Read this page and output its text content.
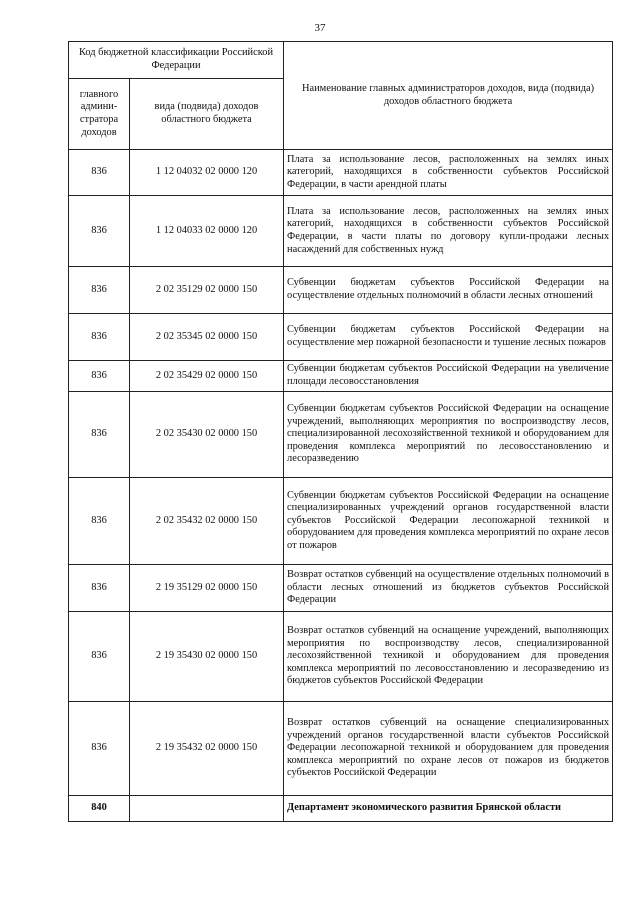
37
Код бюджетной классификации Российской Федерации		Наименование главных администраторов доходов, вида (подвида) доходов областного бюджета
главного админи-стратора доходов	вида (подвида) доходов областного бюджета	
836	1 12 04032 02 0000 120	Плата за использование лесов, расположенных на землях иных категорий, находящихся в собственности субъектов Российской Федерации, в части арендной платы
836	1 12 04033 02 0000 120	Плата за использование лесов, расположенных на землях иных категорий, находящихся в собственности субъектов Российской Федерации, в части платы по договору купли-продажи лесных насаждений для собственных нужд
836	2 02 35129 02 0000 150	Субвенции бюджетам субъектов Российской Федерации на осуществление отдельных полномочий в области лесных отношений
836	2 02 35345 02 0000 150	Субвенции бюджетам субъектов Российской Федерации на осуществление мер пожарной безопасности и тушение лесных пожаров
836	2 02 35429 02 0000 150	Субвенции бюджетам субъектов Российской Федерации на увеличение площади лесовосстановления
836	2 02 35430 02 0000 150	Субвенции бюджетам субъектов Российской Федерации на оснащение учреждений, выполняющих мероприятия по воспроизводству лесов, специализированной лесохозяйственной техникой и оборудованием для проведения комплекса мероприятий по лесовосстановлению и лесоразведению
836	2 02 35432 02 0000 150	Субвенции бюджетам субъектов Российской Федерации на оснащение специализированных учреждений органов государственной власти субъектов Российской Федерации лесопожарной техникой и оборудованием для проведения комплекса мероприятий по охране лесов от пожаров
836	2 19 35129 02 0000 150	Возврат остатков субвенций на осуществление отдельных полномочий в области лесных отношений из бюджетов субъектов Российской Федерации
836	2 19 35430 02 0000 150	Возврат остатков субвенций на оснащение учреждений, выполняющих мероприятия по воспроизводству лесов, специализированной лесохозяйственной техникой и оборудованием для проведения комплекса мероприятий по лесовосстановлению и лесоразведению из бюджетов субъектов Российской Федерации
836	2 19 35432 02 0000 150	Возврат остатков субвенций на оснащение специализированных учреждений органов государственной власти субъектов Российской Федерации лесопожарной техникой и оборудованием для проведения комплекса мероприятий по охране лесов от пожаров из бюджетов субъектов Российской Федерации
840		Департамент экономического развития Брянской области
